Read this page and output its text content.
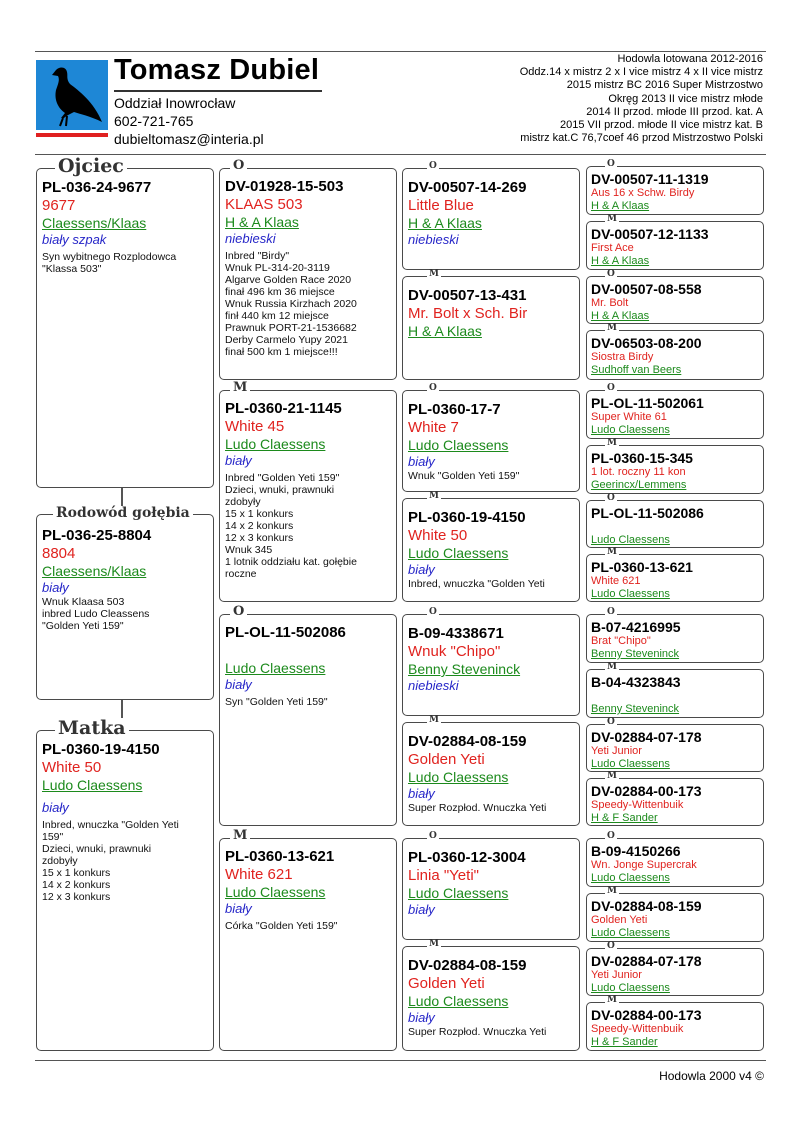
Tomasz Dubiel
Oddział Inowrocław
602-721-765
dubieltomasz@interia.pl
Hodowla lotowana 2012-2016
Oddz.14 x mistrz 2 x I vice mistrz 4 x II vice mistrz
2015 mistrz BC 2016 Super Mistrzostwo
Okręg 2013 II vice mistrz młode
2014 II przod. młode III przod. kat. A
2015 VII przod. młode II vice mistrz kat. B
mistrz kat.C 76,7coef 46 przod Mistrzostwo Polski
Ojciec
PL-036-24-9677
9677
Claessens/Klaas
biały szpak
Syn wybitnego Rozplodowca
"Klassa 503"
Rodowód gołębia
PL-036-25-8804
8804
Claessens/Klaas
biały
Wnuk Klaasa 503
inbred Ludo Cleassens
"Golden Yeti 159"
Matka
PL-0360-19-4150
White 50
Ludo Claessens
biały
Inbred, wnuczka "Golden Yeti
159"
Dzieci, wnuki, prawnuki
zdobyły
15 x 1 konkurs
14 x 2 konkurs
12 x 3 konkurs
O
DV-01928-15-503
KLAAS 503
H & A Klaas
niebieski
Inbred "Birdy"
Wnuk PL-314-20-3119
Algarve Golden Race 2020
finał 496 km 36 miejsce
Wnuk Russia Kirzhach 2020
finł 440 km 12 miejsce
Prawnuk PORT-21-1536682
Derby Carmelo Yupy 2021
finał 500 km 1 miejsce!!!
M
PL-0360-21-1145
White 45
Ludo Claessens
biały
Inbred "Golden Yeti 159"
Dzieci, wnuki, prawnuki
zdobyły
15 x 1 konkurs
14 x 2 konkurs
12 x 3 konkurs
Wnuk 345
1 lotnik oddziału kat. gołębie
roczne
O
PL-OL-11-502086
Ludo Claessens
biały
Syn "Golden Yeti 159"
M
PL-0360-13-621
White 621
Ludo Claessens
biały
Córka "Golden Yeti 159"
O
DV-00507-14-269
Little Blue
H & A Klaas
niebieski
M
DV-00507-13-431
Mr. Bolt x Sch. Bir
H & A Klaas
O
PL-0360-17-7
White 7
Ludo Claessens
biały
Wnuk "Golden Yeti 159"
M
PL-0360-19-4150
White 50
Ludo Claessens
biały
Inbred, wnuczka "Golden Yeti
O
B-09-4338671
Wnuk "Chipo"
Benny Steveninck
niebieski
M
DV-02884-08-159
Golden Yeti
Ludo Claessens
biały
Super Rozpłod. Wnuczka Yeti
O
PL-0360-12-3004
Linia "Yeti"
Ludo Claessens
biały
M
DV-02884-08-159
Golden Yeti
Ludo Claessens
biały
Super Rozpłod. Wnuczka Yeti
O
DV-00507-11-1319
Aus 16 x Schw. Birdy
H & A Klaas
M
DV-00507-12-1133
First Ace
H & A Klaas
O
DV-00507-08-558
Mr. Bolt
H & A Klaas
M
DV-06503-08-200
Siostra Birdy
Sudhoff van Beers
O
PL-OL-11-502061
Super White 61
Ludo Claessens
M
PL-0360-15-345
1 lot. roczny 11 kon
Geerincx/Lemmens
O
PL-OL-11-502086
Ludo Claessens
M
PL-0360-13-621
White 621
Ludo Claessens
O
B-07-4216995
Brat "Chipo"
Benny Steveninck
M
B-04-4323843
Benny Steveninck
O
DV-02884-07-178
Yeti Junior
Ludo Claessens
M
DV-02884-00-173
Speedy-Wittenbuik
H & F Sander
O
B-09-4150266
Wn. Jonge Supercrak
Ludo Claessens
M
DV-02884-08-159
Golden Yeti
Ludo Claessens
O
DV-02884-07-178
Yeti Junior
Ludo Claessens
M
DV-02884-00-173
Speedy-Wittenbuik
H & F Sander
Hodowla 2000 v4 ©
